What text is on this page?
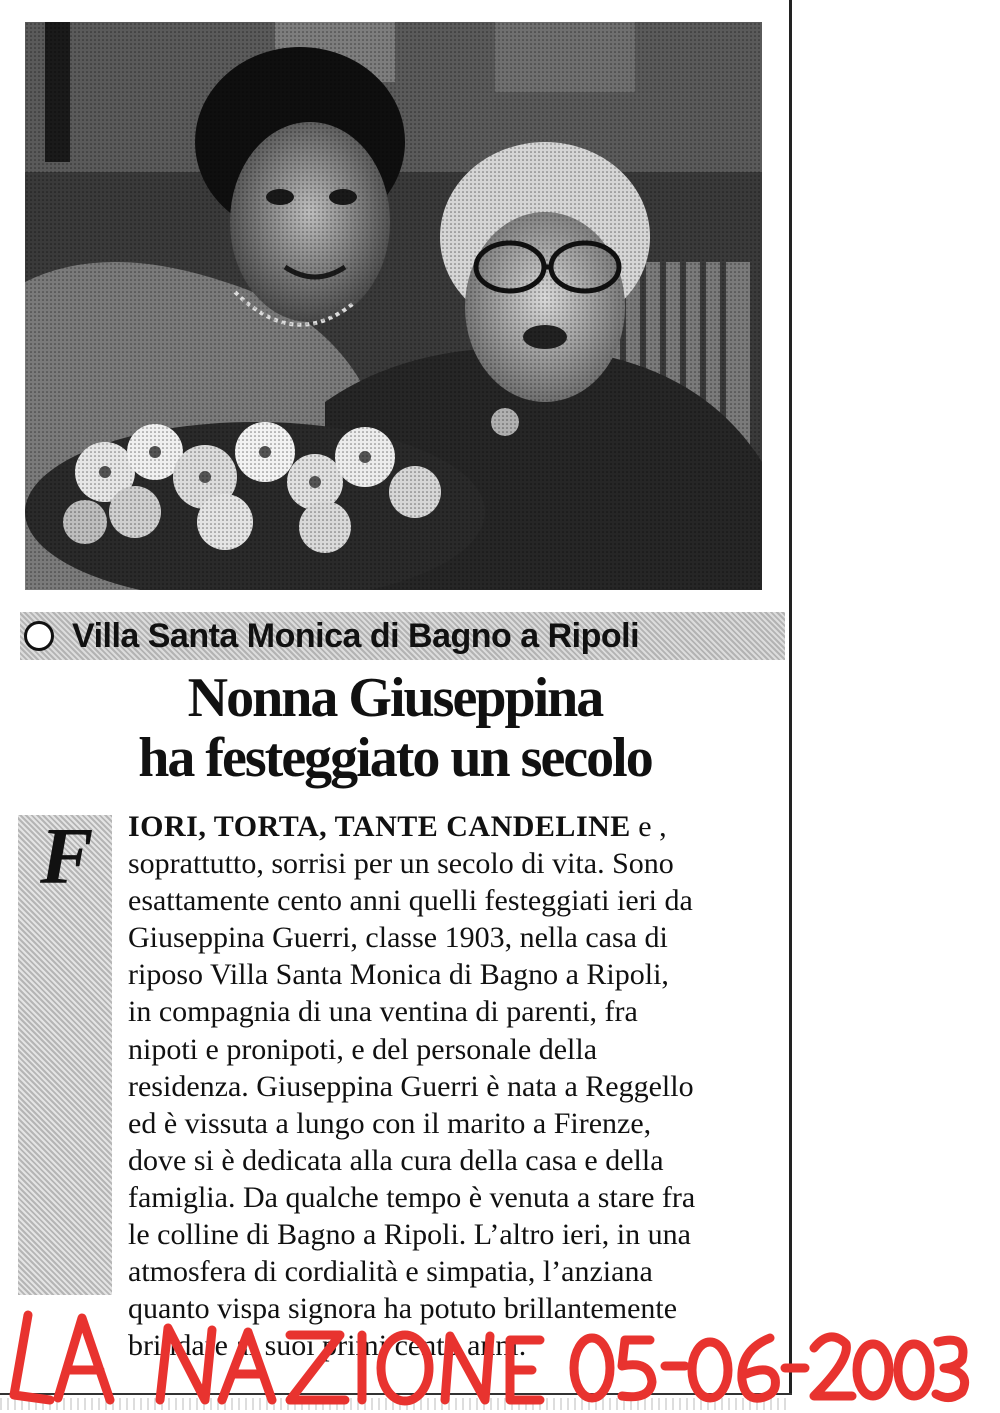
Villa Santa Monica di Bagno a Ripoli
Nonna Giuseppina
ha festeggiato un secolo
F IORI, TORTA, TANTE CANDELINE e ,
soprattutto, sorrisi per un secolo di vita. Sono
esattamente cento anni quelli festeggiati ieri da
Giuseppina Guerri, classe 1903, nella casa di
riposo Villa Santa Monica di Bagno a Ripoli,
in compagnia di una ventina di parenti, fra
nipoti e pronipoti, e del personale della
residenza. Giuseppina Guerri è nata a Reggello
ed è vissuta a lungo con il marito a Firenze,
dove si è dedicata alla cura della casa e della
famiglia. Da qualche tempo è venuta a stare fra
le colline di Bagno a Ripoli. L’altro ieri, in una
atmosfera di cordialità e simpatia, l’anziana
quanto vispa signora ha potuto brillantemente
brindare ai suoi primi cento anni.
